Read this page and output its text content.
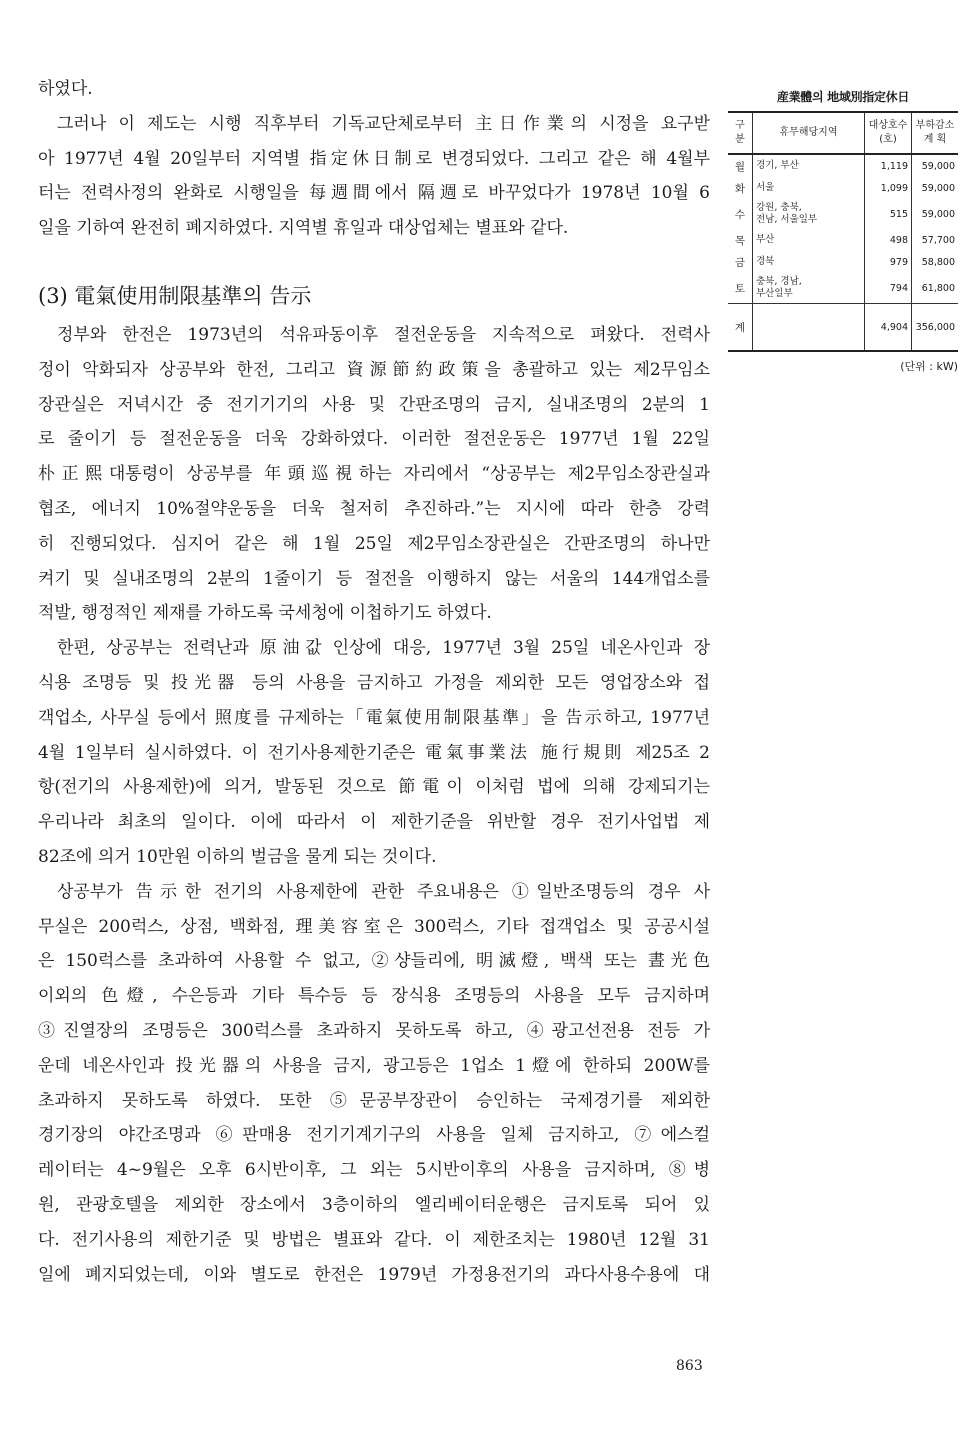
하였다.
그러나 이 제도는 시행 직후부터 기독교단체로부터 主日作業의 시정을 요구받
아 1977년 4월 20일부터 지역별 指定休日制로 변경되었다. 그리고 같은 해 4월부
터는 전력사정의 완화로 시행일을 每週間에서 隔週로 바꾸었다가 1978년 10월 6
일을 기하여 완전히 폐지하였다. 지역별 휴일과 대상업체는 별표와 같다.
(3) 電氣使用制限基準의 告示
정부와 한전은 1973년의 석유파동이후 절전운동을 지속적으로 펴왔다. 전력사
정이 악화되자 상공부와 한전, 그리고 資源節約政策을 총괄하고 있는 제2무임소
장관실은 저녁시간 중 전기기기의 사용 및 간판조명의 금지, 실내조명의 2분의 1
로 줄이기 등 절전운동을 더욱 강화하였다. 이러한 절전운동은 1977년 1월 22일
朴正熙대통령이 상공부를 年頭巡視하는 자리에서 “상공부는 제2무임소장관실과
협조, 에너지 10%절약운동을 더욱 철저히 추진하라.”는 지시에 따라 한층 강력
히 진행되었다. 심지어 같은 해 1월 25일 제2무임소장관실은 간판조명의 하나만
켜기 및 실내조명의 2분의 1줄이기 등 절전을 이행하지 않는 서울의 144개업소를
적발, 행정적인 제재를 가하도록 국세청에 이첩하기도 하였다.
한편, 상공부는 전력난과 原油값 인상에 대응, 1977년 3월 25일 네온사인과 장
식용 조명등 및 投光器 등의 사용을 금지하고 가정을 제외한 모든 영업장소와 접
객업소, 사무실 등에서 照度를 규제하는「電氣使用制限基準」을 告示하고, 1977년
4월 1일부터 실시하였다. 이 전기사용제한기준은 電氣事業法 施行規則 제25조 2
항(전기의 사용제한)에 의거, 발동된 것으로 節電이 이처럼 법에 의해 강제되기는
우리나라 최초의 일이다. 이에 따라서 이 제한기준을 위반할 경우 전기사업법 제
82조에 의거 10만원 이하의 벌금을 물게 되는 것이다.
상공부가 告示한 전기의 사용제한에 관한 주요내용은 ①일반조명등의 경우 사
무실은 200럭스, 상점, 백화점, 理美容室은 300럭스, 기타 접객업소 및 공공시설
은 150럭스를 초과하여 사용할 수 없고, ②샹들리에, 明滅燈, 백색 또는 晝光色
이외의 色燈, 수은등과 기타 특수등 등 장식용 조명등의 사용을 모두 금지하며
③진열장의 조명등은 300럭스를 초과하지 못하도록 하고, ④광고선전용 전등 가
운데 네온사인과 投光器의 사용을 금지, 광고등은 1업소 1燈에 한하되 200W를
초과하지 못하도록 하였다. 또한 ⑤문공부장관이 승인하는 국제경기를 제외한
경기장의 야간조명과 ⑥판매용 전기기계기구의 사용을 일체 금지하고, ⑦에스컬
레이터는 4~9월은 오후 6시반이후, 그 외는 5시반이후의 사용을 금지하며, ⑧병
원, 관광호텔을 제외한 장소에서 3층이하의 엘리베이터운행은 금지토록 되어 있
다. 전기사용의 제한기준 및 방법은 별표와 같다. 이 제한조치는 1980년 12월 31
일에 폐지되었는데, 이와 별도로 한전은 1979년 가정용전기의 과다사용수용에 대
産業體의 地域別指定休日
구분	휴무해당지역	대상호수
(호)	부하감소
계 획
월	경기, 부산	1,119	59,000
화	서울	1,099	59,000
수	강원, 충북,
전남, 서울일부	515	59,000
목	부산	498	57,700
금	경북	979	58,800
토	충북, 경남,
부산일부	794	61,800
계		4,904	356,000
(단위 : kW)
863
